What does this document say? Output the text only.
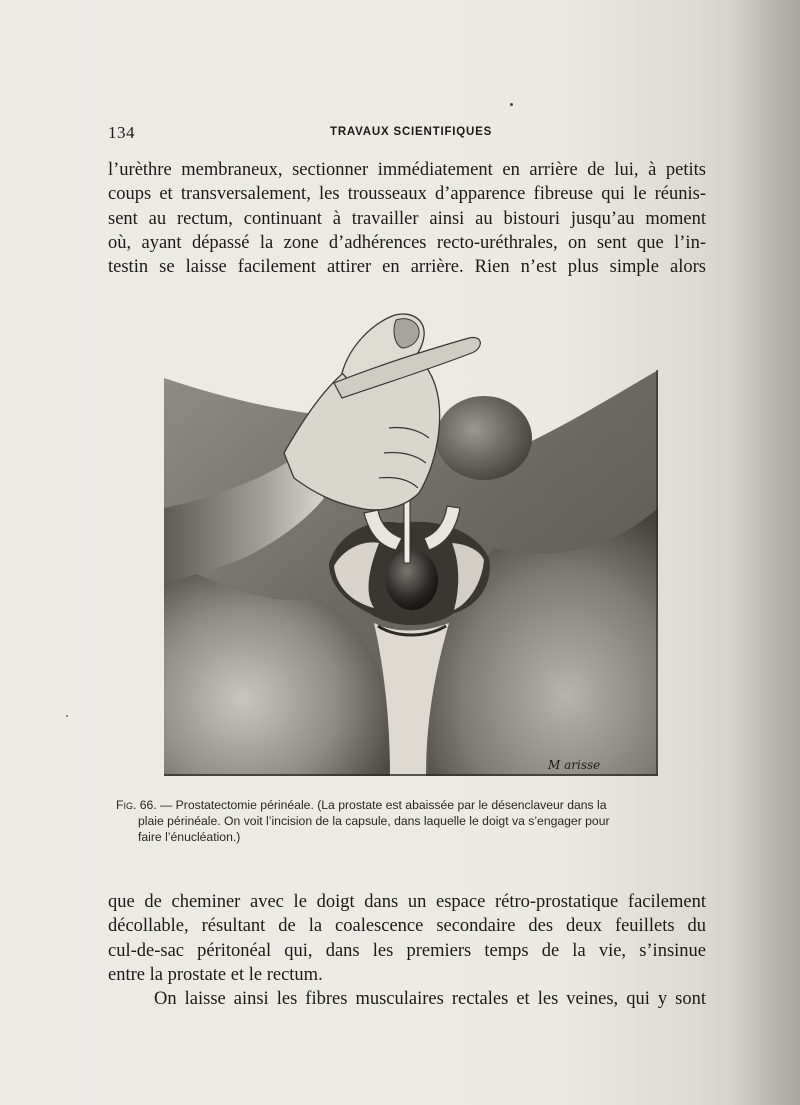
134	TRAVAUX SCIENTIFIQUES

l’urèthre membraneux, sectionner immédiatement en arrière de lui, à petits
coups et transversalement, les trousseaux d’apparence fibreuse qui le réunis-
sent au rectum, continuant à travailler ainsi au bistouri jusqu’au moment
où, ayant dépassé la zone d’adhérences recto-uréthrales, on sent que l’in-
testin se laisse facilement attirer en arrière. Rien n’est plus simple alors

M arisse
Fig. 66. — Prostatectomie périnéale. (La prostate est abaissée par le désenclaveur dans la
plaie périnéale. On voit l’incision de la capsule, dans laquelle le doigt va s’engager pour
faire l’énucléation.)

que de cheminer avec le doigt dans un espace rétro-prostatique facilement
décollable, résultant de la coalescence secondaire des deux feuillets du
cul-de-sac péritonéal qui, dans les premiers temps de la vie, s’insinue
entre la prostate et le rectum.
On laisse ainsi les fibres musculaires rectales et les veines, qui y sont
